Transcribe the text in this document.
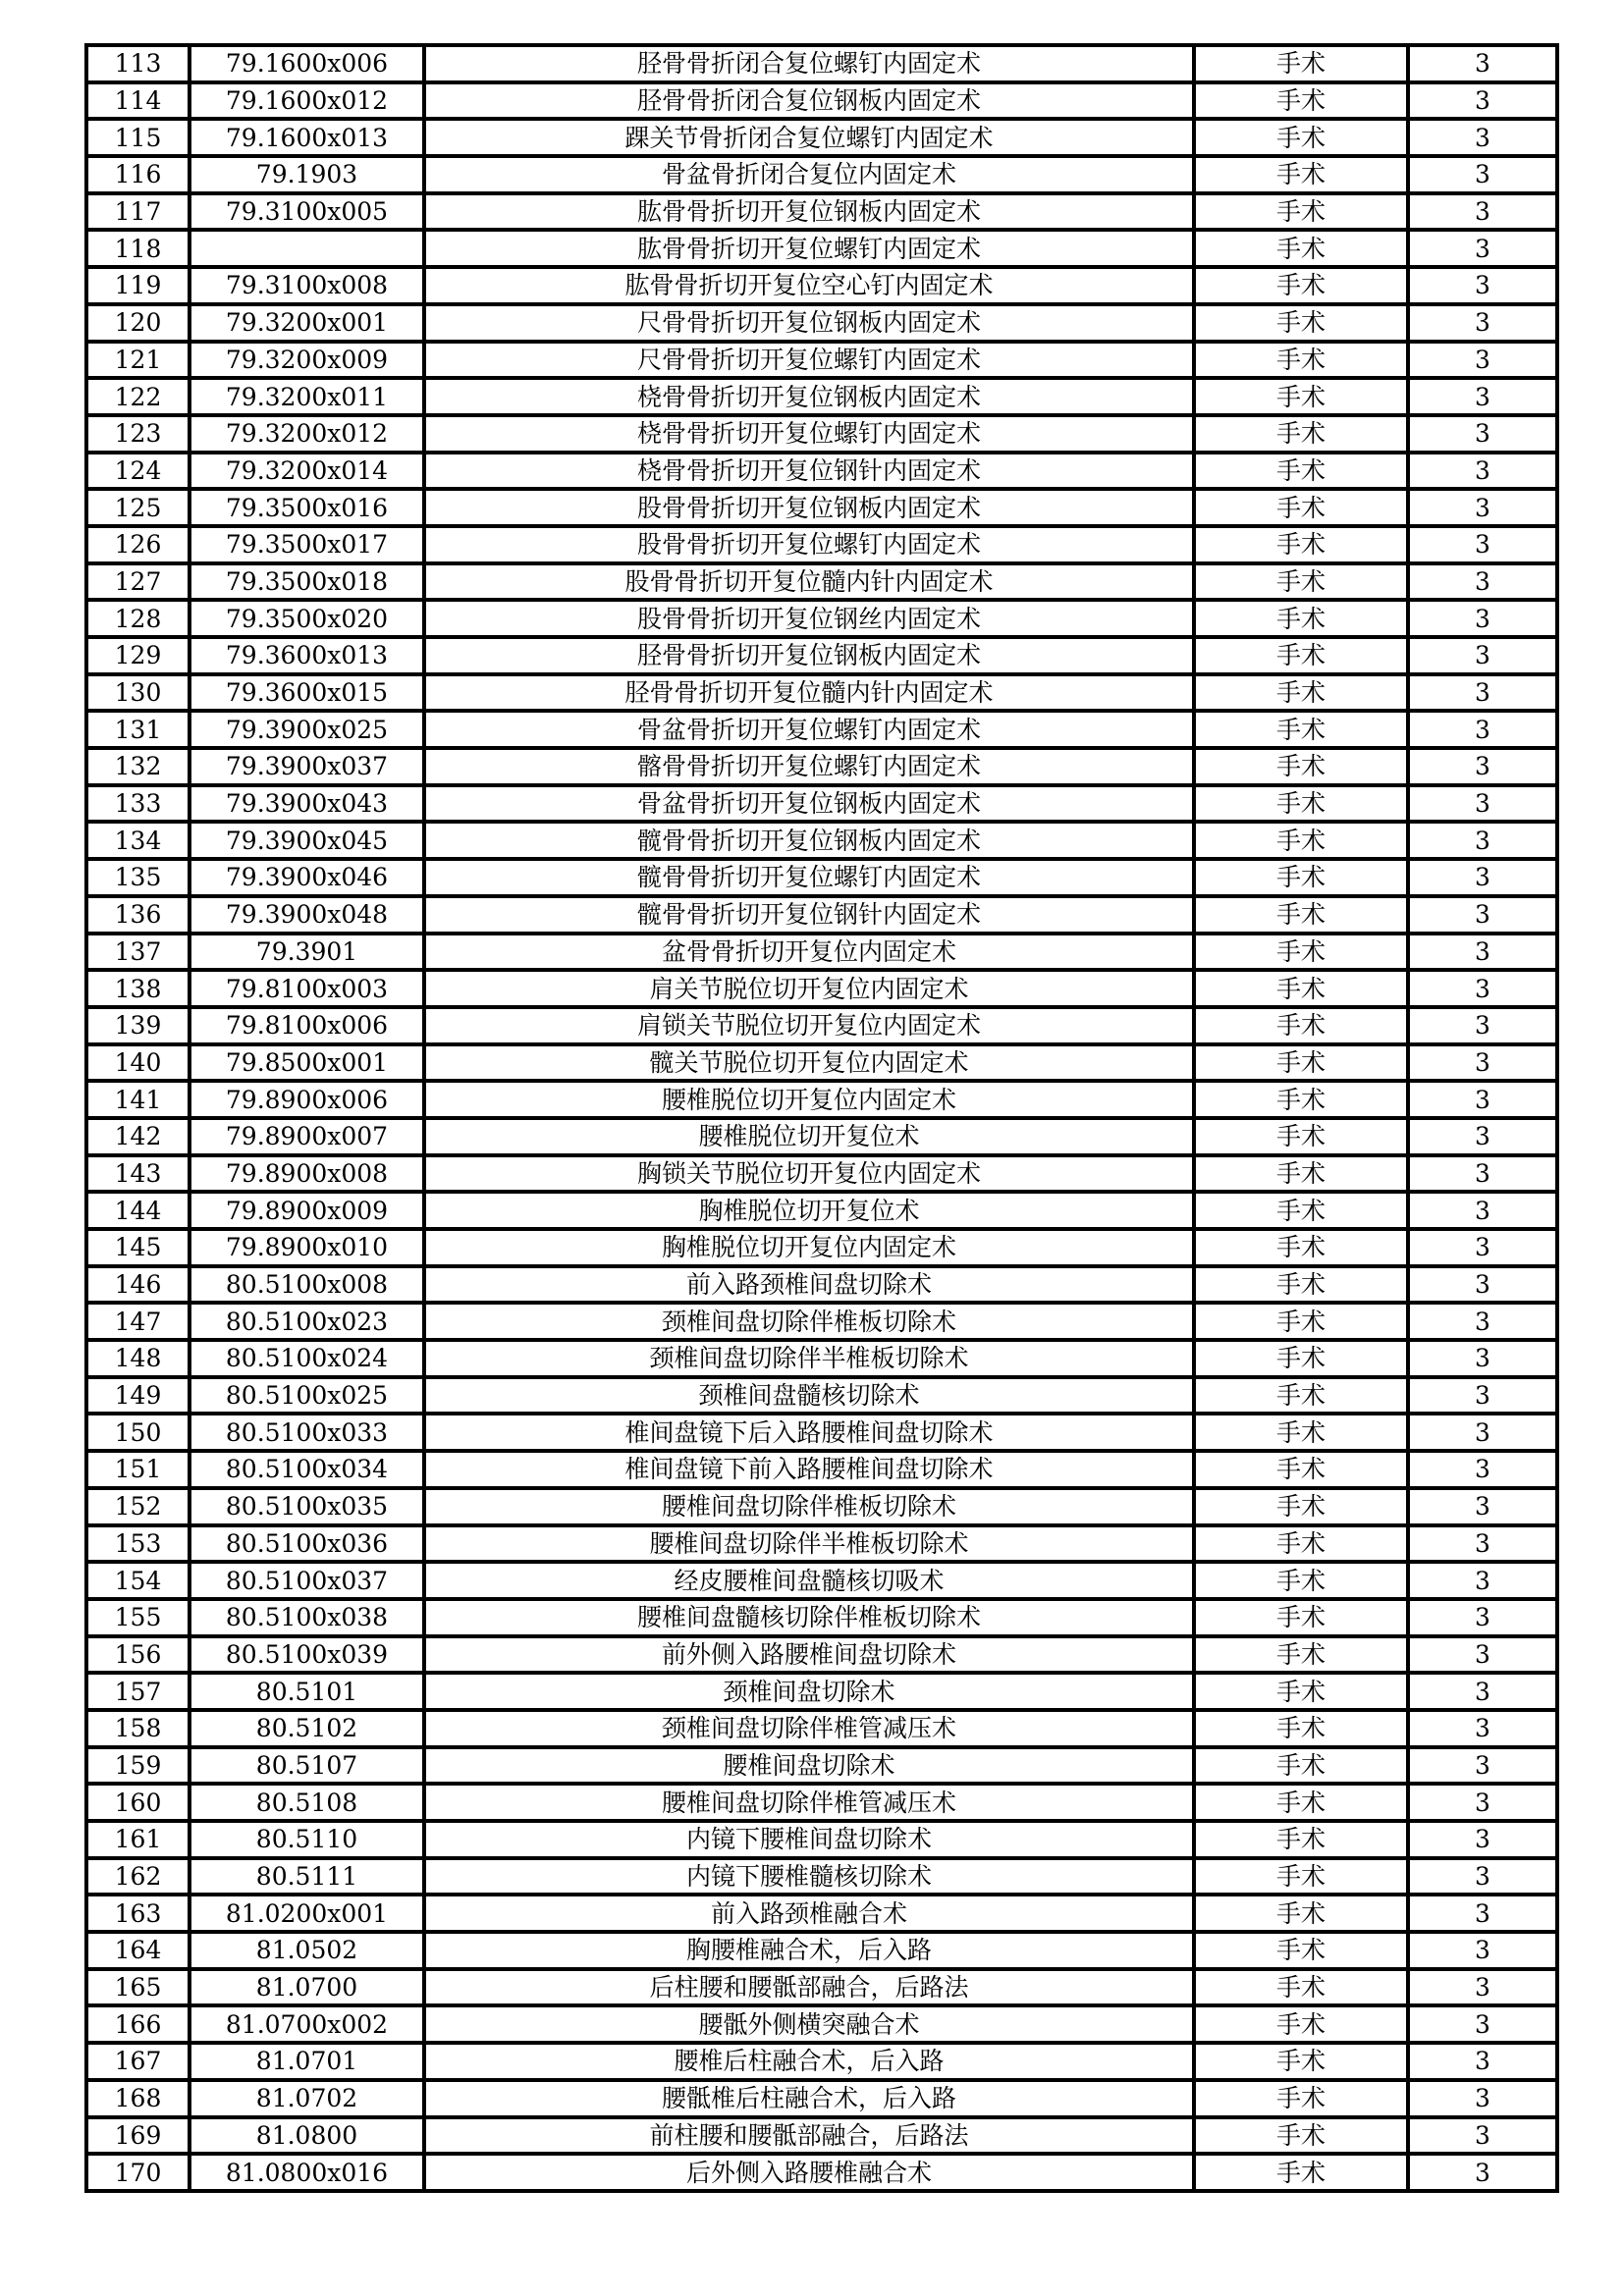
113	79.1600x006	胫骨骨折闭合复位螺钉内固定术	手术	3
114	79.1600x012	胫骨骨折闭合复位钢板内固定术	手术	3
115	79.1600x013	踝关节骨折闭合复位螺钉内固定术	手术	3
116	79.1903	骨盆骨折闭合复位内固定术	手术	3
117	79.3100x005	肱骨骨折切开复位钢板内固定术	手术	3
118		肱骨骨折切开复位螺钉内固定术	手术	3
119	79.3100x008	肱骨骨折切开复位空心钉内固定术	手术	3
120	79.3200x001	尺骨骨折切开复位钢板内固定术	手术	3
121	79.3200x009	尺骨骨折切开复位螺钉内固定术	手术	3
122	79.3200x011	桡骨骨折切开复位钢板内固定术	手术	3
123	79.3200x012	桡骨骨折切开复位螺钉内固定术	手术	3
124	79.3200x014	桡骨骨折切开复位钢针内固定术	手术	3
125	79.3500x016	股骨骨折切开复位钢板内固定术	手术	3
126	79.3500x017	股骨骨折切开复位螺钉内固定术	手术	3
127	79.3500x018	股骨骨折切开复位髓内针内固定术	手术	3
128	79.3500x020	股骨骨折切开复位钢丝内固定术	手术	3
129	79.3600x013	胫骨骨折切开复位钢板内固定术	手术	3
130	79.3600x015	胫骨骨折切开复位髓内针内固定术	手术	3
131	79.3900x025	骨盆骨折切开复位螺钉内固定术	手术	3
132	79.3900x037	髂骨骨折切开复位螺钉内固定术	手术	3
133	79.3900x043	骨盆骨折切开复位钢板内固定术	手术	3
134	79.3900x045	髋骨骨折切开复位钢板内固定术	手术	3
135	79.3900x046	髋骨骨折切开复位螺钉内固定术	手术	3
136	79.3900x048	髋骨骨折切开复位钢针内固定术	手术	3
137	79.3901	盆骨骨折切开复位内固定术	手术	3
138	79.8100x003	肩关节脱位切开复位内固定术	手术	3
139	79.8100x006	肩锁关节脱位切开复位内固定术	手术	3
140	79.8500x001	髋关节脱位切开复位内固定术	手术	3
141	79.8900x006	腰椎脱位切开复位内固定术	手术	3
142	79.8900x007	腰椎脱位切开复位术	手术	3
143	79.8900x008	胸锁关节脱位切开复位内固定术	手术	3
144	79.8900x009	胸椎脱位切开复位术	手术	3
145	79.8900x010	胸椎脱位切开复位内固定术	手术	3
146	80.5100x008	前入路颈椎间盘切除术	手术	3
147	80.5100x023	颈椎间盘切除伴椎板切除术	手术	3
148	80.5100x024	颈椎间盘切除伴半椎板切除术	手术	3
149	80.5100x025	颈椎间盘髓核切除术	手术	3
150	80.5100x033	椎间盘镜下后入路腰椎间盘切除术	手术	3
151	80.5100x034	椎间盘镜下前入路腰椎间盘切除术	手术	3
152	80.5100x035	腰椎间盘切除伴椎板切除术	手术	3
153	80.5100x036	腰椎间盘切除伴半椎板切除术	手术	3
154	80.5100x037	经皮腰椎间盘髓核切吸术	手术	3
155	80.5100x038	腰椎间盘髓核切除伴椎板切除术	手术	3
156	80.5100x039	前外侧入路腰椎间盘切除术	手术	3
157	80.5101	颈椎间盘切除术	手术	3
158	80.5102	颈椎间盘切除伴椎管减压术	手术	3
159	80.5107	腰椎间盘切除术	手术	3
160	80.5108	腰椎间盘切除伴椎管减压术	手术	3
161	80.5110	内镜下腰椎间盘切除术	手术	3
162	80.5111	内镜下腰椎髓核切除术	手术	3
163	81.0200x001	前入路颈椎融合术	手术	3
164	81.0502	胸腰椎融合术，后入路	手术	3
165	81.0700	后柱腰和腰骶部融合，后路法	手术	3
166	81.0700x002	腰骶外侧横突融合术	手术	3
167	81.0701	腰椎后柱融合术，后入路	手术	3
168	81.0702	腰骶椎后柱融合术，后入路	手术	3
169	81.0800	前柱腰和腰骶部融合，后路法	手术	3
170	81.0800x016	后外侧入路腰椎融合术	手术	3
